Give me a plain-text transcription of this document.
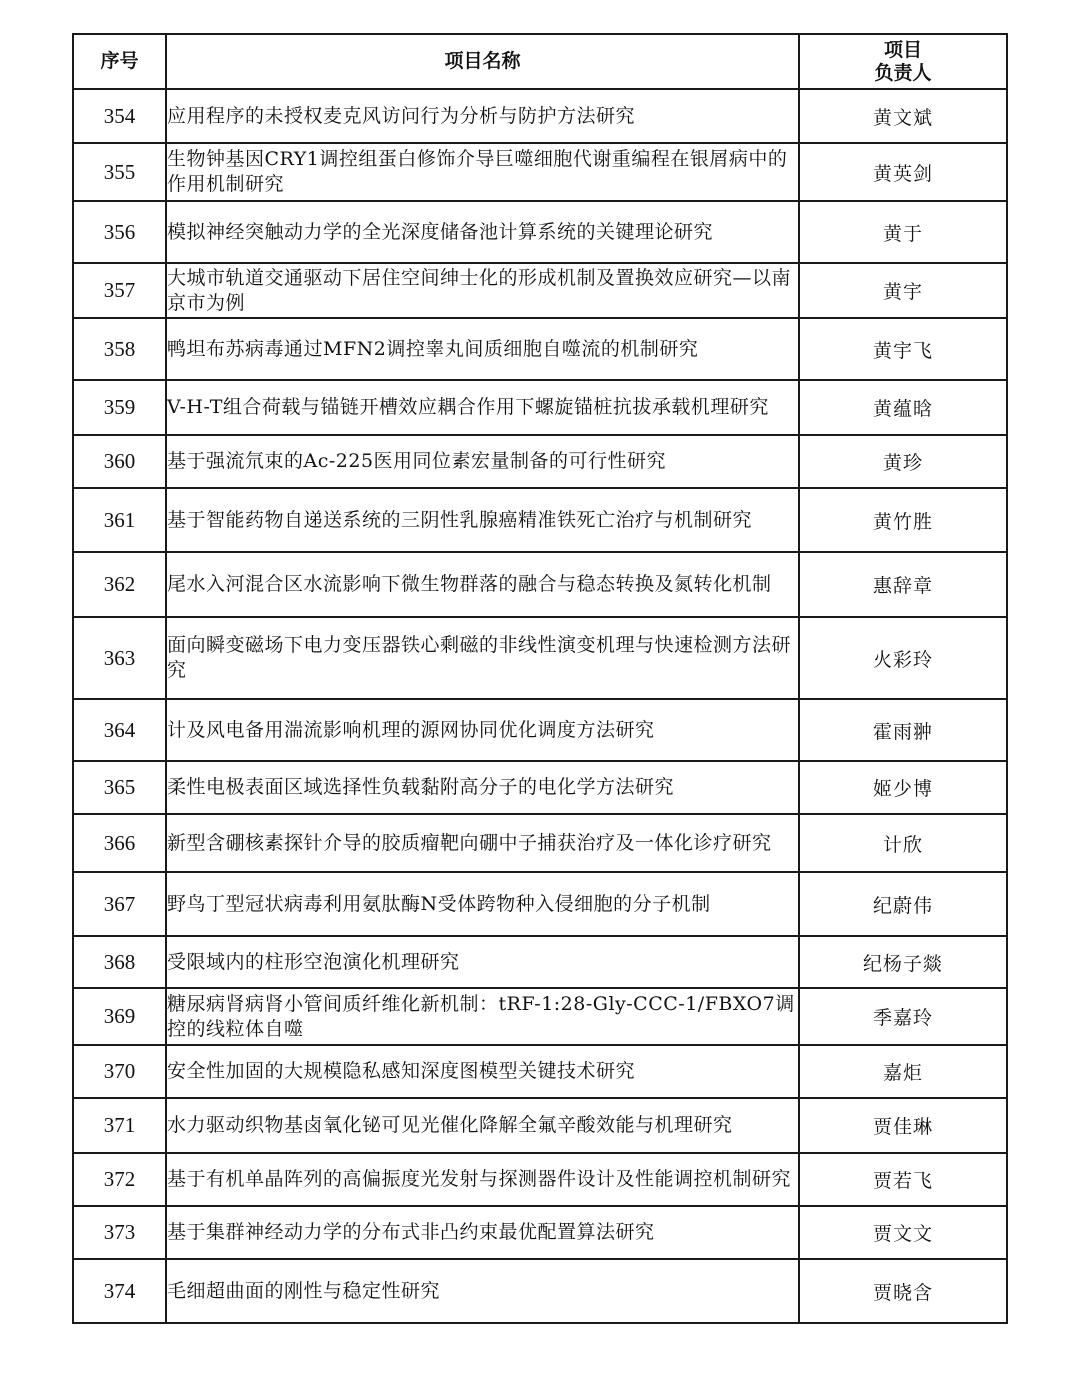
序号	项目名称	项目
负责人

354	应用程序的未授权麦克风访问行为分析与防护方法研究	黄文斌
355	生物钟基因CRY1调控组蛋白修饰介导巨噬细胞代谢重编程在银屑病中的作用机制研究	黄英剑
356	模拟神经突触动力学的全光深度储备池计算系统的关键理论研究	黄于
357	大城市轨道交通驱动下居住空间绅士化的形成机制及置换效应研究—以南京市为例	黄宇
358	鸭坦布苏病毒通过MFN2调控睾丸间质细胞自噬流的机制研究	黄宇飞
359	V-H-T组合荷载与锚链开槽效应耦合作用下螺旋锚桩抗拔承载机理研究	黄蕴晗
360	基于强流氘束的Ac-225医用同位素宏量制备的可行性研究	黄珍
361	基于智能药物自递送系统的三阴性乳腺癌精准铁死亡治疗与机制研究	黄竹胜
362	尾水入河混合区水流影响下微生物群落的融合与稳态转换及氮转化机制	惠辞章
363	面向瞬变磁场下电力变压器铁心剩磁的非线性演变机理与快速检测方法研究	火彩玲
364	计及风电备用湍流影响机理的源网协同优化调度方法研究	霍雨翀
365	柔性电极表面区域选择性负载黏附高分子的电化学方法研究	姬少博
366	新型含硼核素探针介导的胶质瘤靶向硼中子捕获治疗及一体化诊疗研究	计欣
367	野鸟丁型冠状病毒利用氨肽酶N受体跨物种入侵细胞的分子机制	纪蔚伟
368	受限域内的柱形空泡演化机理研究	纪杨子燚
369	糖尿病肾病肾小管间质纤维化新机制：tRF-1:28-Gly-CCC-1/FBXO7调控的线粒体自噬	季嘉玲
370	安全性加固的大规模隐私感知深度图模型关键技术研究	嘉炬
371	水力驱动织物基卤氧化铋可见光催化降解全氟辛酸效能与机理研究	贾佳琳
372	基于有机单晶阵列的高偏振度光发射与探测器件设计及性能调控机制研究	贾若飞
373	基于集群神经动力学的分布式非凸约束最优配置算法研究	贾文文
374	毛细超曲面的刚性与稳定性研究	贾晓含
